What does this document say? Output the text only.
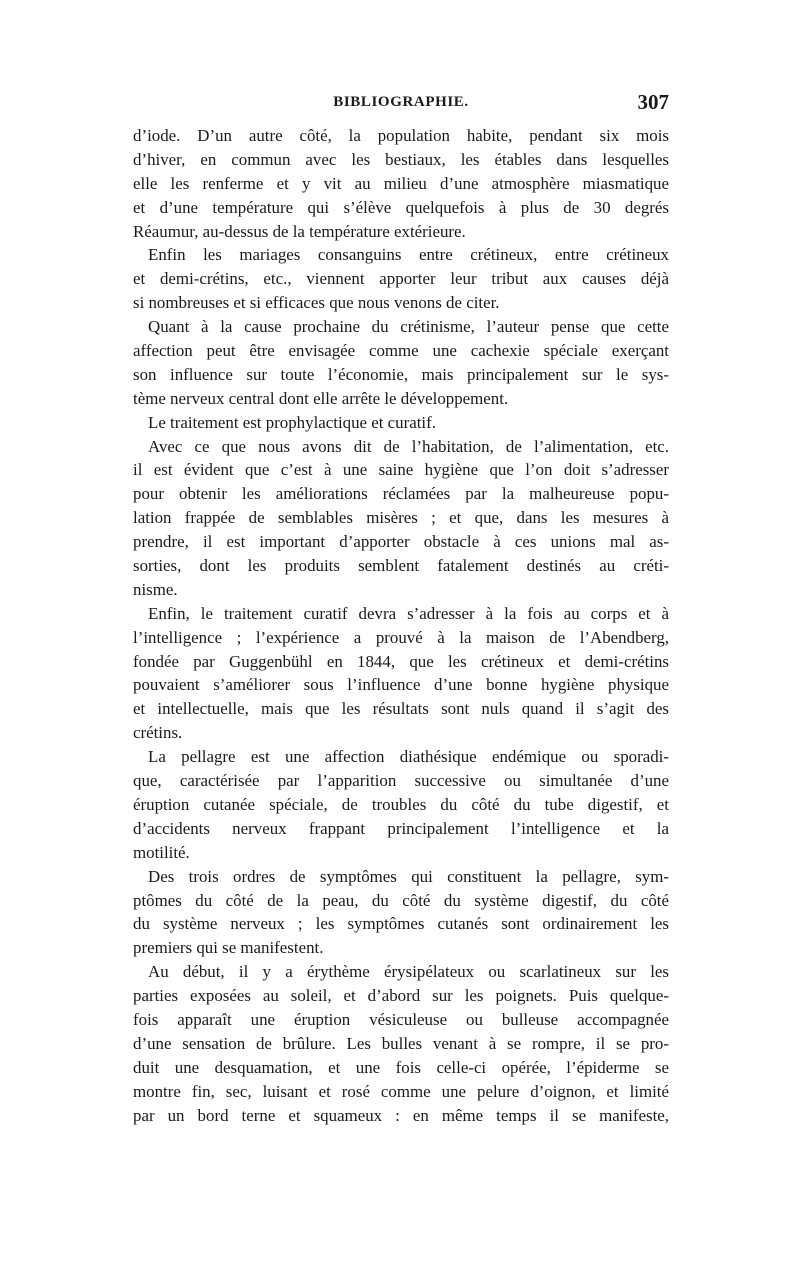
BIBLIOGRAPHIE.	307
d’iode. D’un autre côté, la population habite, pendant six mois
d’hiver, en commun avec les bestiaux, les étables dans lesquelles
elle les renferme et y vit au milieu d’une atmosphère miasmatique
et d’une température qui s’élève quelquefois à plus de 30 degrés
Réaumur, au-dessus de la température extérieure.
Enfin les mariages consanguins entre crétineux, entre crétineux
et demi-crétins, etc., viennent apporter leur tribut aux causes déjà
si nombreuses et si efficaces que nous venons de citer.
Quant à la cause prochaine du crétinisme, l’auteur pense que cette
affection peut être envisagée comme une cachexie spéciale exerçant
son influence sur toute l’économie, mais principalement sur le sys-
tème nerveux central dont elle arrête le développement.
Le traitement est prophylactique et curatif.
Avec ce que nous avons dit de l’habitation, de l’alimentation, etc.
il est évident que c’est à une saine hygiène que l’on doit s’adresser
pour obtenir les améliorations réclamées par la malheureuse popu-
lation frappée de semblables misères ; et que, dans les mesures à
prendre, il est important d’apporter obstacle à ces unions mal as-
sorties, dont les produits semblent fatalement destinés au créti-
nisme.
Enfin, le traitement curatif devra s’adresser à la fois au corps et à
l’intelligence ; l’expérience a prouvé à la maison de l’Abendberg,
fondée par Guggenbühl en 1844, que les crétineux et demi-crétins
pouvaient s’améliorer sous l’influence d’une bonne hygiène physique
et intellectuelle, mais que les résultats sont nuls quand il s’agit des
crétins.
La pellagre est une affection diathésique endémique ou sporadi-
que, caractérisée par l’apparition successive ou simultanée d’une
éruption cutanée spéciale, de troubles du côté du tube digestif, et
d’accidents nerveux frappant principalement l’intelligence et la
motilité.
Des trois ordres de symptômes qui constituent la pellagre, sym-
ptômes du côté de la peau, du côté du système digestif, du côté
du système nerveux ; les symptômes cutanés sont ordinairement les
premiers qui se manifestent.
Au début, il y a érythème érysipélateux ou scarlatineux sur les
parties exposées au soleil, et d’abord sur les poignets. Puis quelque-
fois apparaît une éruption vésiculeuse ou bulleuse accompagnée
d’une sensation de brûlure. Les bulles venant à se rompre, il se pro-
duit une desquamation, et une fois celle-ci opérée, l’épiderme se
montre fin, sec, luisant et rosé comme une pelure d’oignon, et limité
par un bord terne et squameux : en même temps il se manifeste,
